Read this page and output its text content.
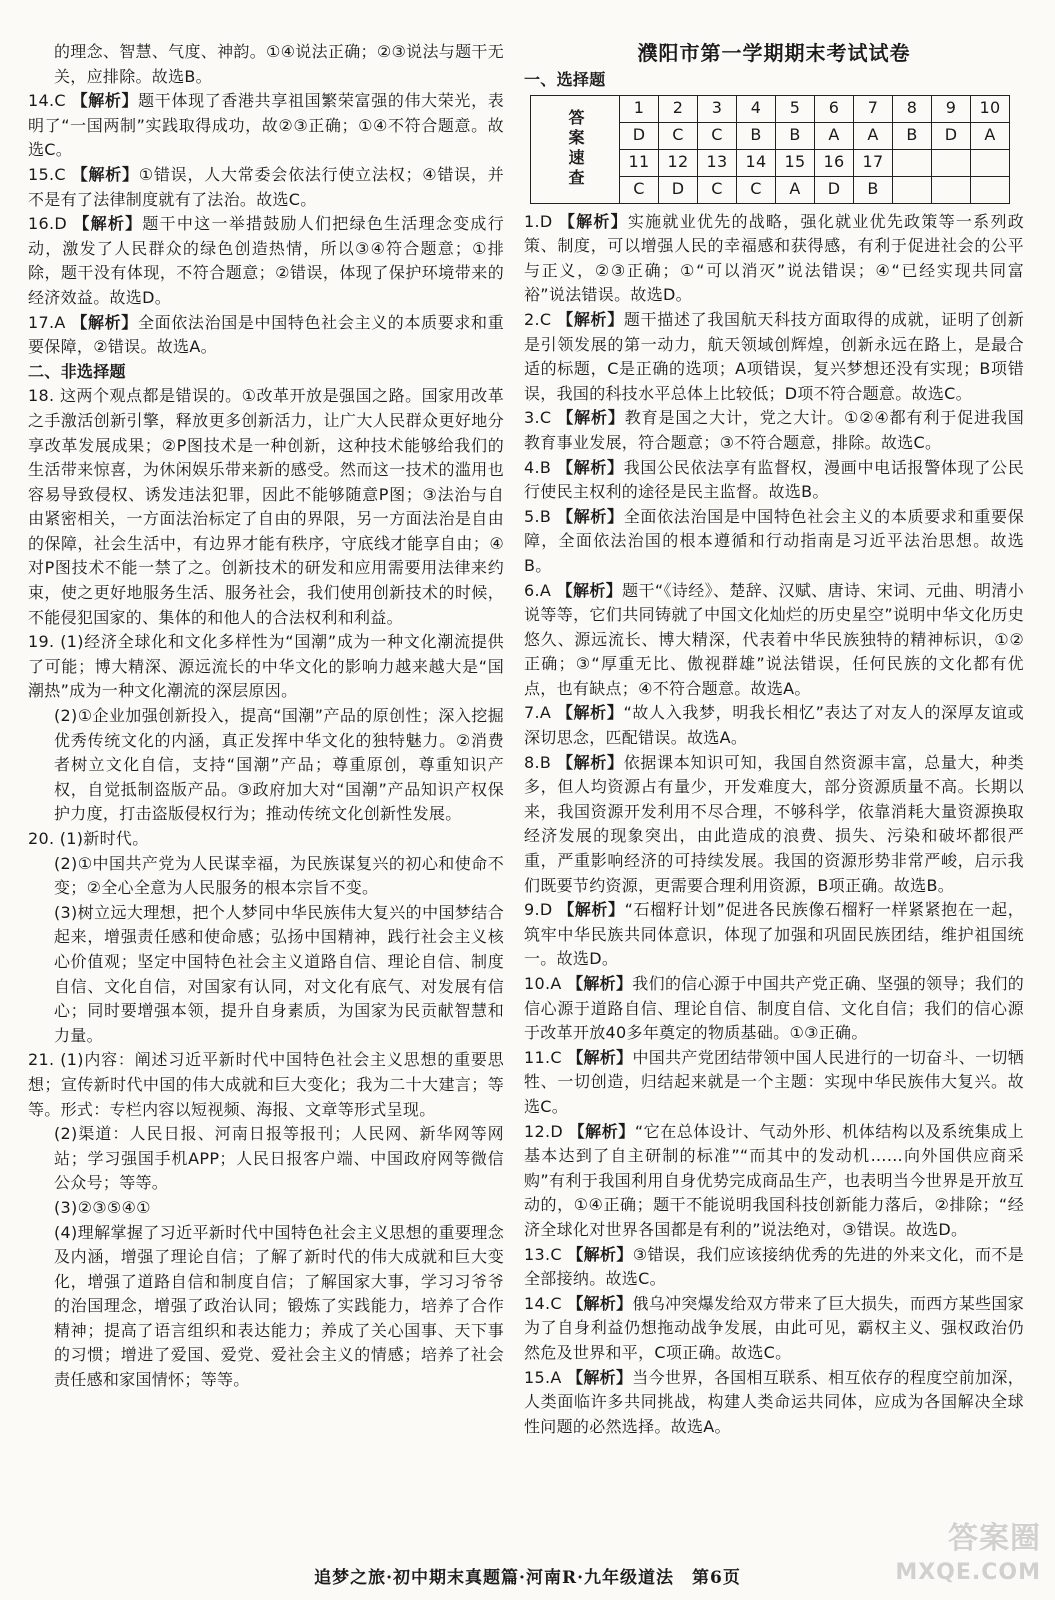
的理念、智慧、气度、神韵。①④说法正确；②③说法与题干无关，应排除。故选B。

14.C 【解析】题干体现了香港共享祖国繁荣富强的伟大荣光，表明了“一国两制”实践取得成功，故②③正确；①④不符合题意。故选C。

15.C 【解析】①错误，人大常委会依法行使立法权；④错误，并不是有了法律制度就有了法治。故选C。

16.D 【解析】题干中这一举措鼓励人们把绿色生活理念变成行动，激发了人民群众的绿色创造热情，所以③④符合题意；①排除，题干没有体现，不符合题意；②错误，体现了保护环境带来的经济效益。故选D。

17.A 【解析】全面依法治国是中国特色社会主义的本质要求和重要保障，②错误。故选A。

二、非选择题

18. 这两个观点都是错误的。①改革开放是强国之路。国家用改革之手激活创新引擎，释放更多创新活力，让广大人民群众更好地分享改革发展成果；②P图技术是一种创新，这种技术能够给我们的生活带来惊喜，为休闲娱乐带来新的感受。然而这一技术的滥用也容易导致侵权、诱发违法犯罪，因此不能够随意P图；③法治与自由紧密相关，一方面法治标定了自由的界限，另一方面法治是自由的保障，社会生活中，有边界才能有秩序，守底线才能享自由；④对P图技术不能一禁了之。创新技术的研发和应用需要用法律来约束，使之更好地服务生活、服务社会，我们使用创新技术的时候，不能侵犯国家的、集体的和他人的合法权利和利益。

19. (1)经济全球化和文化多样性为“国潮”成为一种文化潮流提供了可能；博大精深、源远流长的中华文化的影响力越来越大是“国潮热”成为一种文化潮流的深层原因。

(2)①企业加强创新投入，提高“国潮”产品的原创性；深入挖掘优秀传统文化的内涵，真正发挥中华文化的独特魅力。②消费者树立文化自信，支持“国潮”产品；尊重原创，尊重知识产权，自觉抵制盗版产品。③政府加大对“国潮”产品知识产权保护力度，打击盗版侵权行为；推动传统文化创新性发展。

20. (1)新时代。

(2)①中国共产党为人民谋幸福，为民族谋复兴的初心和使命不变；②全心全意为人民服务的根本宗旨不变。

(3)树立远大理想，把个人梦同中华民族伟大复兴的中国梦结合起来，增强责任感和使命感；弘扬中国精神，践行社会主义核心价值观；坚定中国特色社会主义道路自信、理论自信、制度自信、文化自信，对国家有认同，对文化有底气、对发展有信心；同时要增强本领，提升自身素质，为国家为民贡献智慧和力量。

21. (1)内容：阐述习近平新时代中国特色社会主义思想的重要思想；宣传新时代中国的伟大成就和巨大变化；我为二十大建言；等等。形式：专栏内容以短视频、海报、文章等形式呈现。

(2)渠道：人民日报、河南日报等报刊；人民网、新华网等网站；学习强国手机APP；人民日报客户端、中国政府网等微信公众号；等等。

(3)②③⑤④①

(4)理解掌握了习近平新时代中国特色社会主义思想的重要理念及内涵，增强了理论自信；了解了新时代的伟大成就和巨大变化，增强了道路自信和制度自信；了解国家大事，学习习爷爷的治国理念，增强了政治认同；锻炼了实践能力，培养了合作精神；提高了语言组织和表达能力；养成了关心国事、天下事的习惯；增进了爱国、爱党、爱社会主义的情感；培养了社会责任感和家国情怀；等等。

濮阳市第一学期期末考试试卷
一、选择题
答案速查	1	2	3	4	5	6	7	8	9	10
	D	C	C	B	B	A	A	B	D	A
	11	12	13	14	15	16	17			
	C	D	C	C	A	D	B			

1.D 【解析】实施就业优先的战略，强化就业优先政策等一系列政策、制度，可以增强人民的幸福感和获得感，有利于促进社会的公平与正义，②③正确；①“可以消灭”说法错误；④“已经实现共同富裕”说法错误。故选D。

2.C 【解析】题干描述了我国航天科技方面取得的成就，证明了创新是引领发展的第一动力，航天领域创辉煌，创新永远在路上，是最合适的标题，C是正确的选项；A项错误，复兴梦想还没有实现；B项错误，我国的科技水平总体上比较低；D项不符合题意。故选C。

3.C 【解析】教育是国之大计，党之大计。①②④都有利于促进我国教育事业发展，符合题意；③不符合题意，排除。故选C。

4.B 【解析】我国公民依法享有监督权，漫画中电话报警体现了公民行使民主权利的途径是民主监督。故选B。

5.B 【解析】全面依法治国是中国特色社会主义的本质要求和重要保障，全面依法治国的根本遵循和行动指南是习近平法治思想。故选B。

6.A 【解析】题干“《诗经》、楚辞、汉赋、唐诗、宋词、元曲、明清小说等等，它们共同铸就了中国文化灿烂的历史星空”说明中华文化历史悠久、源远流长、博大精深，代表着中华民族独特的精神标识，①②正确；③“厚重无比、傲视群雄”说法错误，任何民族的文化都有优点，也有缺点；④不符合题意。故选A。

7.A 【解析】“故人入我梦，明我长相忆”表达了对友人的深厚友谊或深切思念，匹配错误。故选A。

8.B 【解析】依据课本知识可知，我国自然资源丰富，总量大，种类多，但人均资源占有量少，开发难度大，部分资源质量不高。长期以来，我国资源开发利用不尽合理，不够科学，依靠消耗大量资源换取经济发展的现象突出，由此造成的浪费、损失、污染和破坏都很严重，严重影响经济的可持续发展。我国的资源形势非常严峻，启示我们既要节约资源，更需要合理利用资源，B项正确。故选B。

9.D 【解析】“石榴籽计划”促进各民族像石榴籽一样紧紧抱在一起，筑牢中华民族共同体意识，体现了加强和巩固民族团结，维护祖国统一。故选D。

10.A 【解析】我们的信心源于中国共产党正确、坚强的领导；我们的信心源于道路自信、理论自信、制度自信、文化自信；我们的信心源于改革开放40多年奠定的物质基础。①③正确。

11.C 【解析】中国共产党团结带领中国人民进行的一切奋斗、一切牺牲、一切创造，归结起来就是一个主题：实现中华民族伟大复兴。故选C。

12.D 【解析】“它在总体设计、气动外形、机体结构以及系统集成上基本达到了自主研制的标准”“而其中的发动机……向外国供应商采购”有利于我国利用自身优势完成商品生产，也表明当今世界是开放互动的，①④正确；题干不能说明我国科技创新能力落后，②排除；“经济全球化对世界各国都是有利的”说法绝对，③错误。故选D。

13.C 【解析】③错误，我们应该接纳优秀的先进的外来文化，而不是全部接纳。故选C。

14.C 【解析】俄乌冲突爆发给双方带来了巨大损失，而西方某些国家为了自身利益仍想拖动战争发展，由此可见，霸权主义、强权政治仍然危及世界和平，C项正确。故选C。

15.A 【解析】当今世界，各国相互联系、相互依存的程度空前加深，人类面临许多共同挑战，构建人类命运共同体，应成为各国解决全球性问题的必然选择。故选A。

追梦之旅·初中期末真题篇·河南R·九年级道法　第6页
答案圈
MXQE.COM
